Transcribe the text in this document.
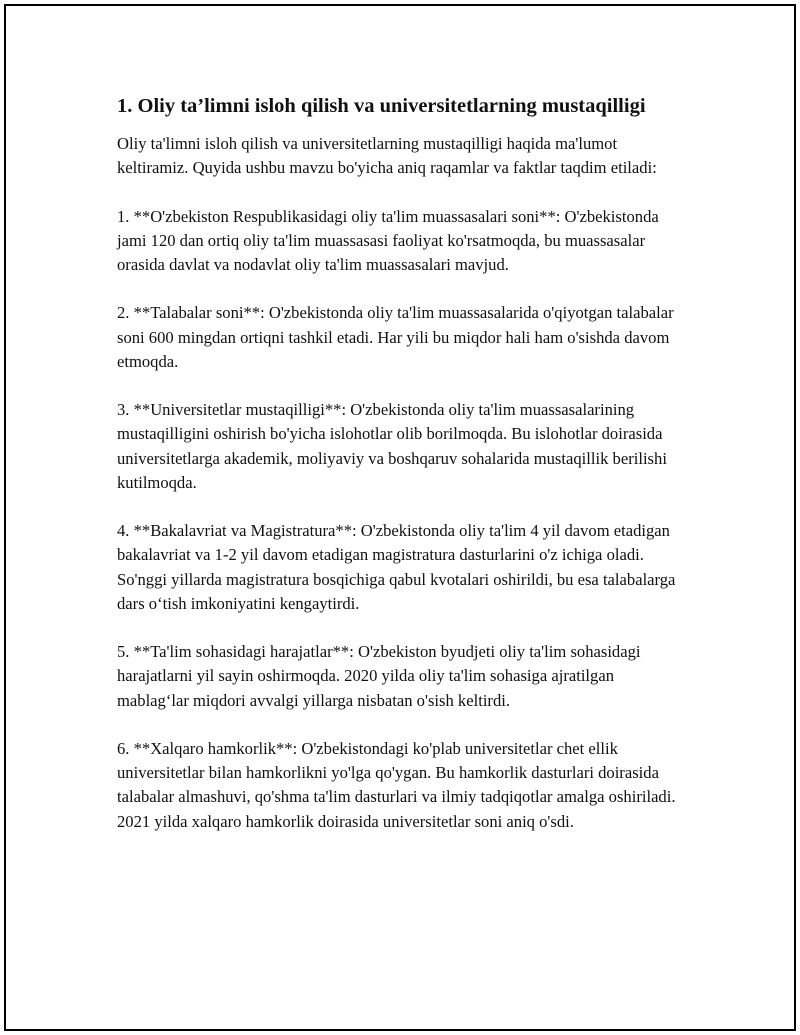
1. Oliy ta’limni isloh qilish va universitetlarning mustaqilligi

Oliy ta'limni isloh qilish va universitetlarning mustaqilligi haqida ma'lumot keltiramiz. Quyida ushbu mavzu bo'yicha aniq raqamlar va faktlar taqdim etiladi:

1. **O'zbekiston Respublikasidagi oliy ta'lim muassasalari soni**: O'zbekistonda jami 120 dan ortiq oliy ta'lim muassasasi faoliyat ko'rsatmoqda, bu muassasalar orasida davlat va nodavlat oliy ta'lim muassasalari mavjud.

2. **Talabalar soni**: O'zbekistonda oliy ta'lim muassasalarida o'qiyotgan talabalar soni 600 mingdan ortiqni tashkil etadi. Har yili bu miqdor hali ham o'sishda davom etmoqda.

3. **Universitetlar mustaqilligi**: O'zbekistonda oliy ta'lim muassasalarining mustaqilligini oshirish bo'yicha islohotlar olib borilmoqda. Bu islohotlar doirasida universitetlarga akademik, moliyaviy va boshqaruv sohalarida mustaqillik berilishi kutilmoqda.

4. **Bakalavriat va Magistratura**: O'zbekistonda oliy ta'lim 4 yil davom etadigan bakalavriat va 1-2 yil davom etadigan magistratura dasturlarini o'z ichiga oladi. So'nggi yillarda magistratura bosqichiga qabul kvotalari oshirildi, bu esa talabalarga dars o‘tish imkoniyatini kengaytirdi.

5. **Ta'lim sohasidagi harajatlar**: O'zbekiston byudjeti oliy ta'lim sohasidagi harajatlarni yil sayin oshirmoqda. 2020 yilda oliy ta'lim sohasiga ajratilgan mablag‘lar miqdori avvalgi yillarga nisbatan o'sish keltirdi.

6. **Xalqaro hamkorlik**: O'zbekistondagi ko'plab universitetlar chet ellik universitetlar bilan hamkorlikni yo'lga qo'ygan. Bu hamkorlik dasturlari doirasida talabalar almashuvi, qo'shma ta'lim dasturlari va ilmiy tadqiqotlar amalga oshiriladi. 2021 yilda xalqaro hamkorlik doirasida universitetlar soni aniq o'sdi.
